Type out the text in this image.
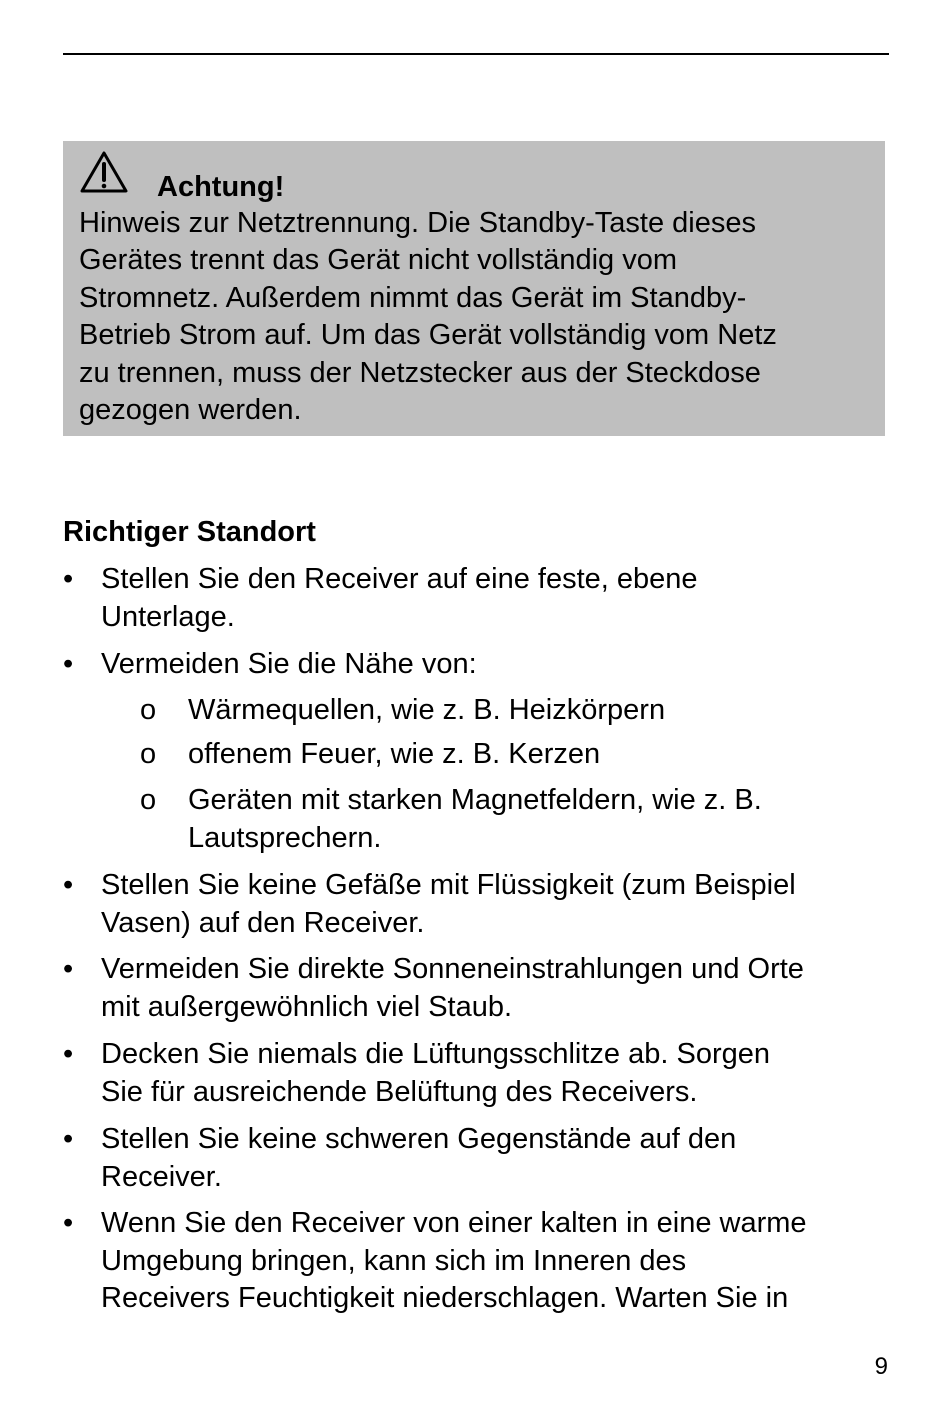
Achtung!

Hinweis zur Netztrennung. Die Standby-Taste dieses
Gerätes trennt das Gerät nicht vollständig vom
Stromnetz. Außerdem nimmt das Gerät im Standby-
Betrieb Strom auf. Um das Gerät vollständig vom Netz
zu trennen, muss der Netzstecker aus der Steckdose
gezogen werden.

Richtiger Standort
• Stellen Sie den Receiver auf eine feste, ebene
Unterlage.
• Vermeiden Sie die Nähe von:
o Wärmequellen, wie z. B. Heizkörpern
o offenem Feuer, wie z. B. Kerzen
o Geräten mit starken Magnetfeldern, wie z. B.
Lautsprechern.
• Stellen Sie keine Gefäße mit Flüssigkeit (zum Beispiel
Vasen) auf den Receiver.
• Vermeiden Sie direkte Sonneneinstrahlungen und Orte
mit außergewöhnlich viel Staub.
• Decken Sie niemals die Lüftungsschlitze ab. Sorgen
Sie für ausreichende Belüftung des Receivers.
• Stellen Sie keine schweren Gegenstände auf den
Receiver.
• Wenn Sie den Receiver von einer kalten in eine warme
Umgebung bringen, kann sich im Inneren des
Receivers Feuchtigkeit niederschlagen. Warten Sie in
9
